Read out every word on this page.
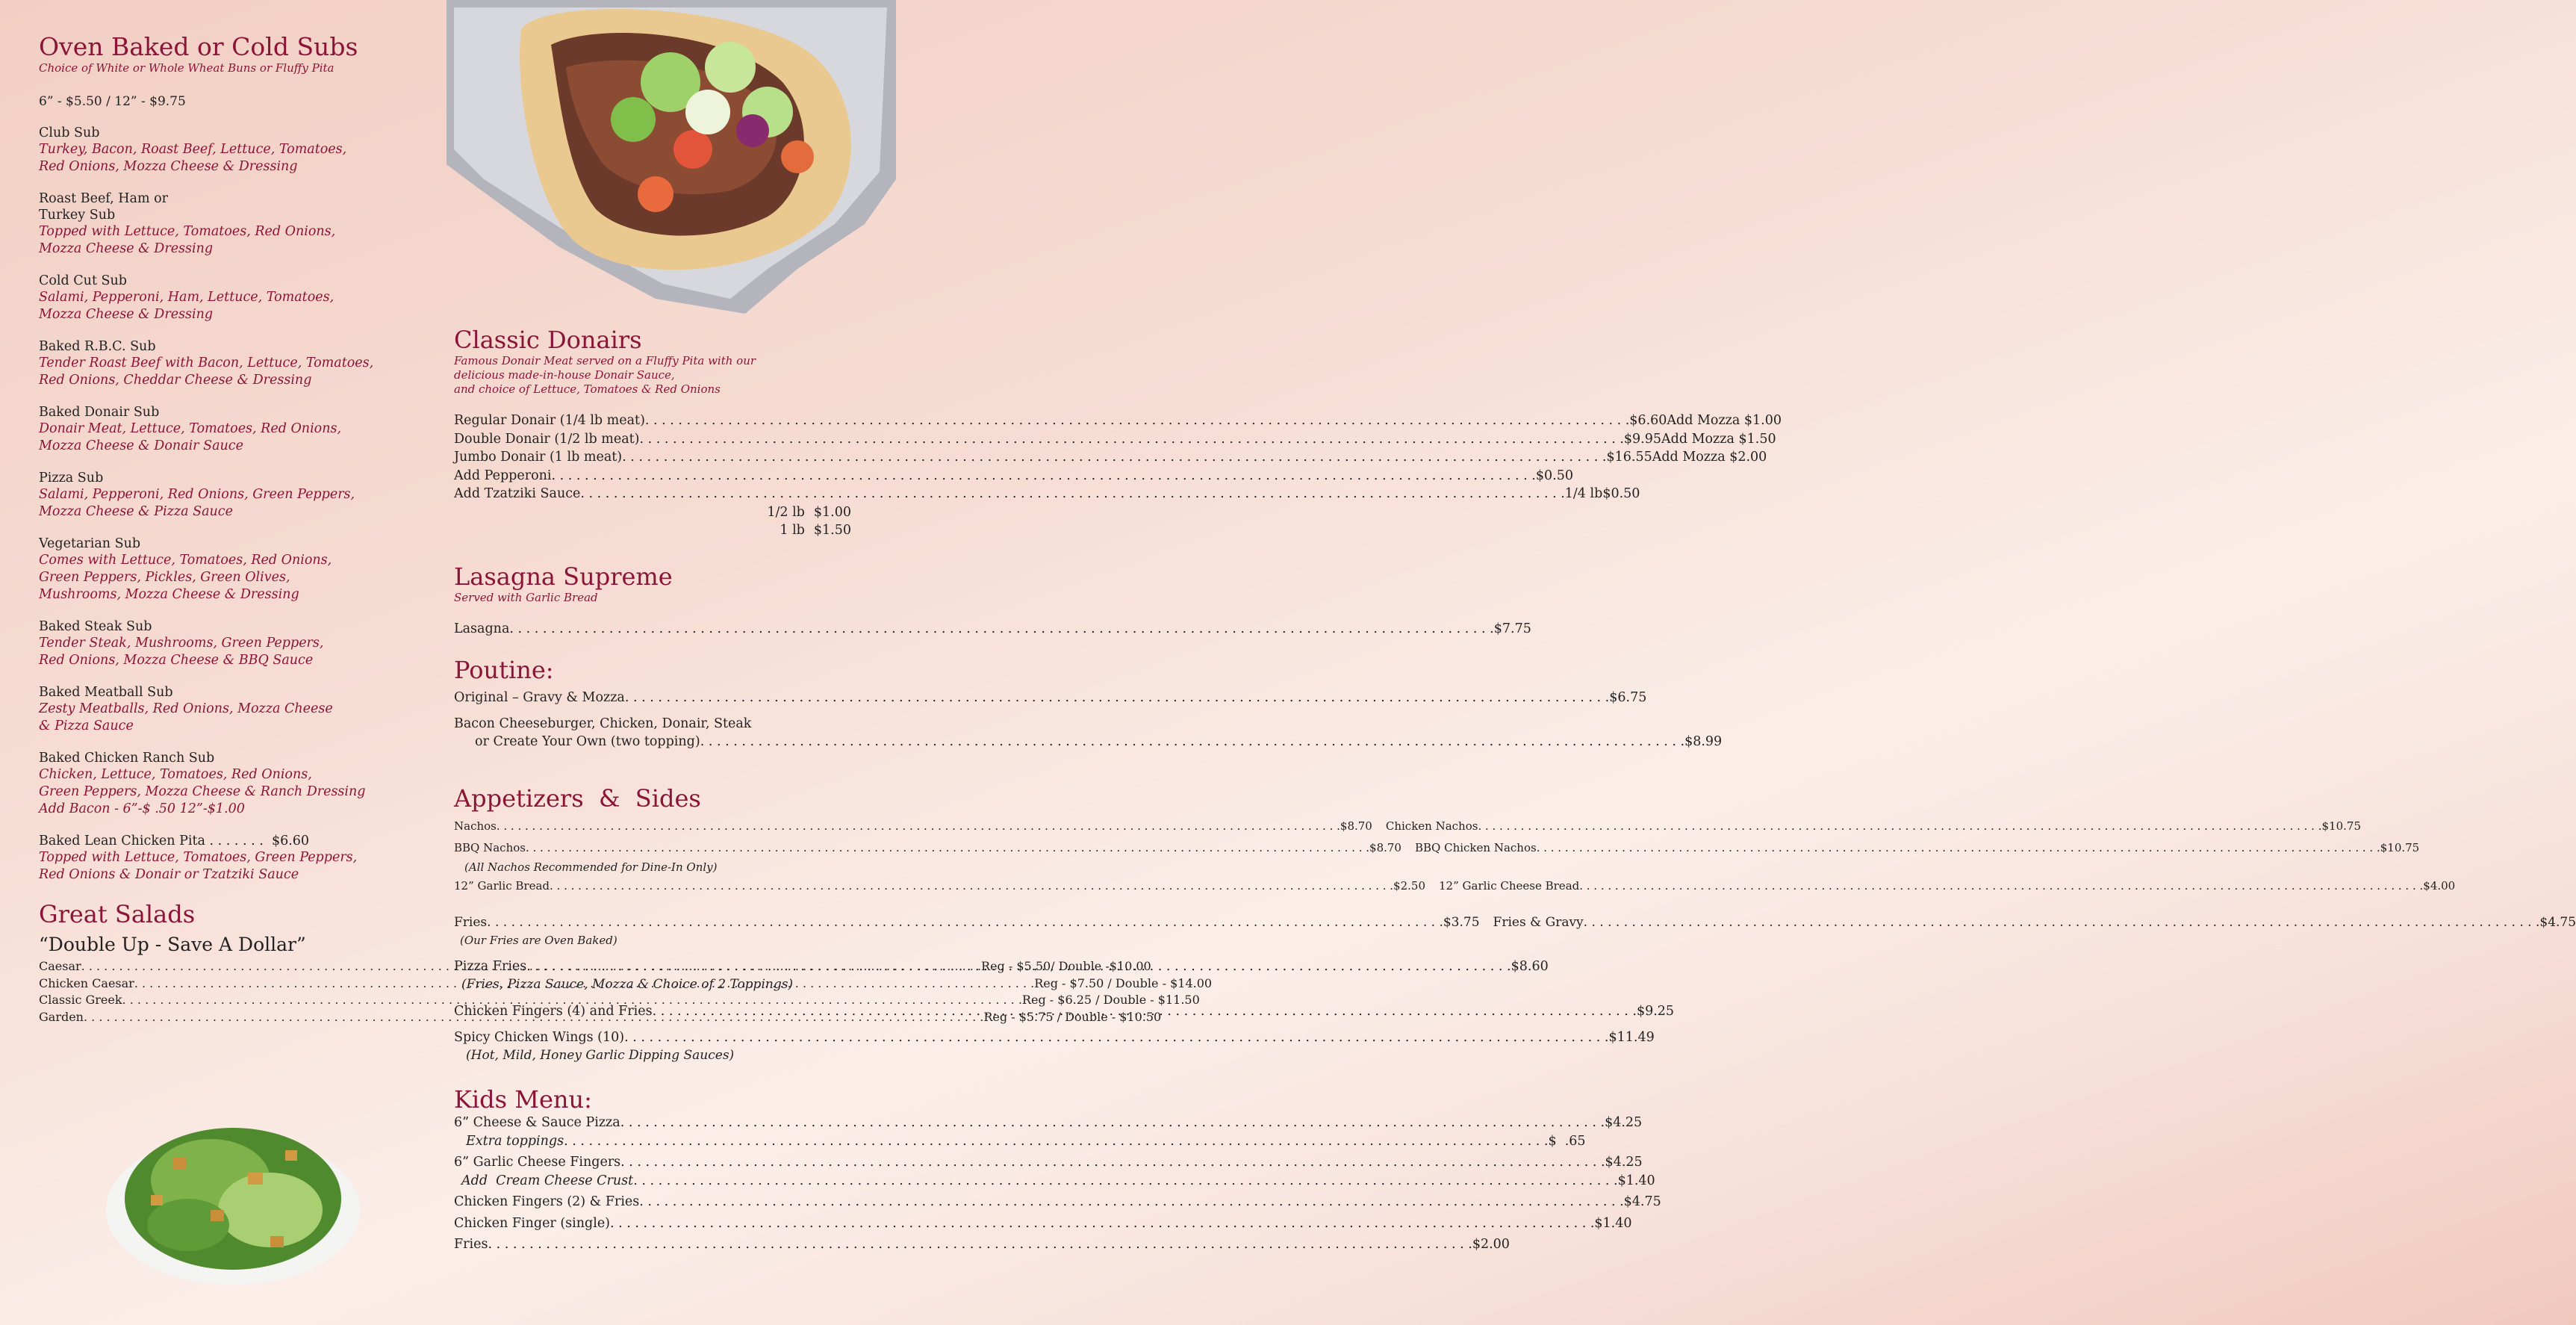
Oven Baked or Cold Subs
Choice of White or Whole Wheat Buns or Fluffy Pita
6” - $5.50 / 12” - $9.75
Club Sub
Turkey, Bacon, Roast Beef, Lettuce, Tomatoes,
Red Onions, Mozza Cheese & Dressing
Roast Beef, Ham or
Turkey Sub
Topped with Lettuce, Tomatoes, Red Onions,
Mozza Cheese & Dressing
Cold Cut Sub
Salami, Pepperoni, Ham, Lettuce, Tomatoes,
Mozza Cheese & Dressing
Baked R.B.C. Sub
Tender Roast Beef with Bacon, Lettuce, Tomatoes,
Red Onions, Cheddar Cheese & Dressing
Baked Donair Sub
Donair Meat, Lettuce, Tomatoes, Red Onions,
Mozza Cheese & Donair Sauce
Pizza Sub
Salami, Pepperoni, Red Onions, Green Peppers,
Mozza Cheese & Pizza Sauce
Vegetarian Sub
Comes with Lettuce, Tomatoes, Red Onions,
Green Peppers, Pickles, Green Olives,
Mushrooms, Mozza Cheese & Dressing
Baked Steak Sub
Tender Steak, Mushrooms, Green Peppers,
Red Onions, Mozza Cheese & BBQ Sauce
Baked Meatball Sub
Zesty Meatballs, Red Onions, Mozza Cheese
& Pizza Sauce
Baked Chicken Ranch Sub
Chicken, Lettuce, Tomatoes, Red Onions,
Green Peppers, Mozza Cheese & Ranch Dressing
Add Bacon - 6”-$ .50 12”-$1.00
Baked Lean Chicken Pita . . . . . . .  $6.60
Topped with Lettuce, Tomatoes, Green Peppers,
Red Onions & Donair or Tzatziki Sauce
Great Salads
“Double Up - Save A Dollar”
Caesar . . .	Reg - $5.50/ Double -$10.00
Chicken Caesar . . .	Reg - $7.50 / Double - $14.00
Classic Greek . . .	Reg - $6.25 / Double - $11.50
Garden . . .	Reg - $5.75 / Double - $10.50
Classic Donairs
Famous Donair Meat served on a Fluffy Pita with our
delicious made-in-house Donair Sauce,
and choice of Lettuce, Tomatoes & Red Onions
Regular Donair (1/4 lb meat) . . .	$6.60 Add Mozza $1.00
Double Donair (1/2 lb meat) . . .	$9.95 Add Mozza $1.50
Jumbo Donair (1 lb meat) . . .	$16.55 Add Mozza $2.00
Add Pepperoni . . .	$0.50
Add Tzatziki Sauce . . .	1/4 lb $0.50
1/2 lb $1.00
1 lb $1.50
Lasagna Supreme
Served with Garlic Bread
Lasagna . . .	$7.75
Poutine:
Original – Gravy & Mozza . . .	$6.75
Bacon Cheeseburger, Chicken, Donair, Steak
or Create Your Own (two topping) . . .	$8.99
Appetizers  &  Sides
Nachos . . .	$8.70 Chicken Nachos . . .	$10.75
BBQ Nachos . . .	$8.70 BBQ Chicken Nachos . . .	$10.75
(All Nachos Recommended for Dine-In Only)
12” Garlic Bread . . .	$2.50 12” Garlic Cheese Bread . . .	$4.00
Fries . . .	$3.75 Fries & Gravy . . .	$4.75
(Our Fries are Oven Baked)
Pizza Fries . . .	$8.60
(Fries, Pizza Sauce, Mozza & Choice of 2 Toppings)
Chicken Fingers (4) and Fries . . .	$9.25
Spicy Chicken Wings (10) . . .	$11.49
(Hot, Mild, Honey Garlic Dipping Sauces)
Kids Menu:
6” Cheese & Sauce Pizza . . .	$4.25
Extra toppings . . .	$  .65
6” Garlic Cheese Fingers . . .	$4.25
Add  Cream Cheese Crust . . .	$1.40
Chicken Fingers (2) & Fries . . .	$4.75
Chicken Finger (single) . . .	$1.40
Fries . . .	$2.00
